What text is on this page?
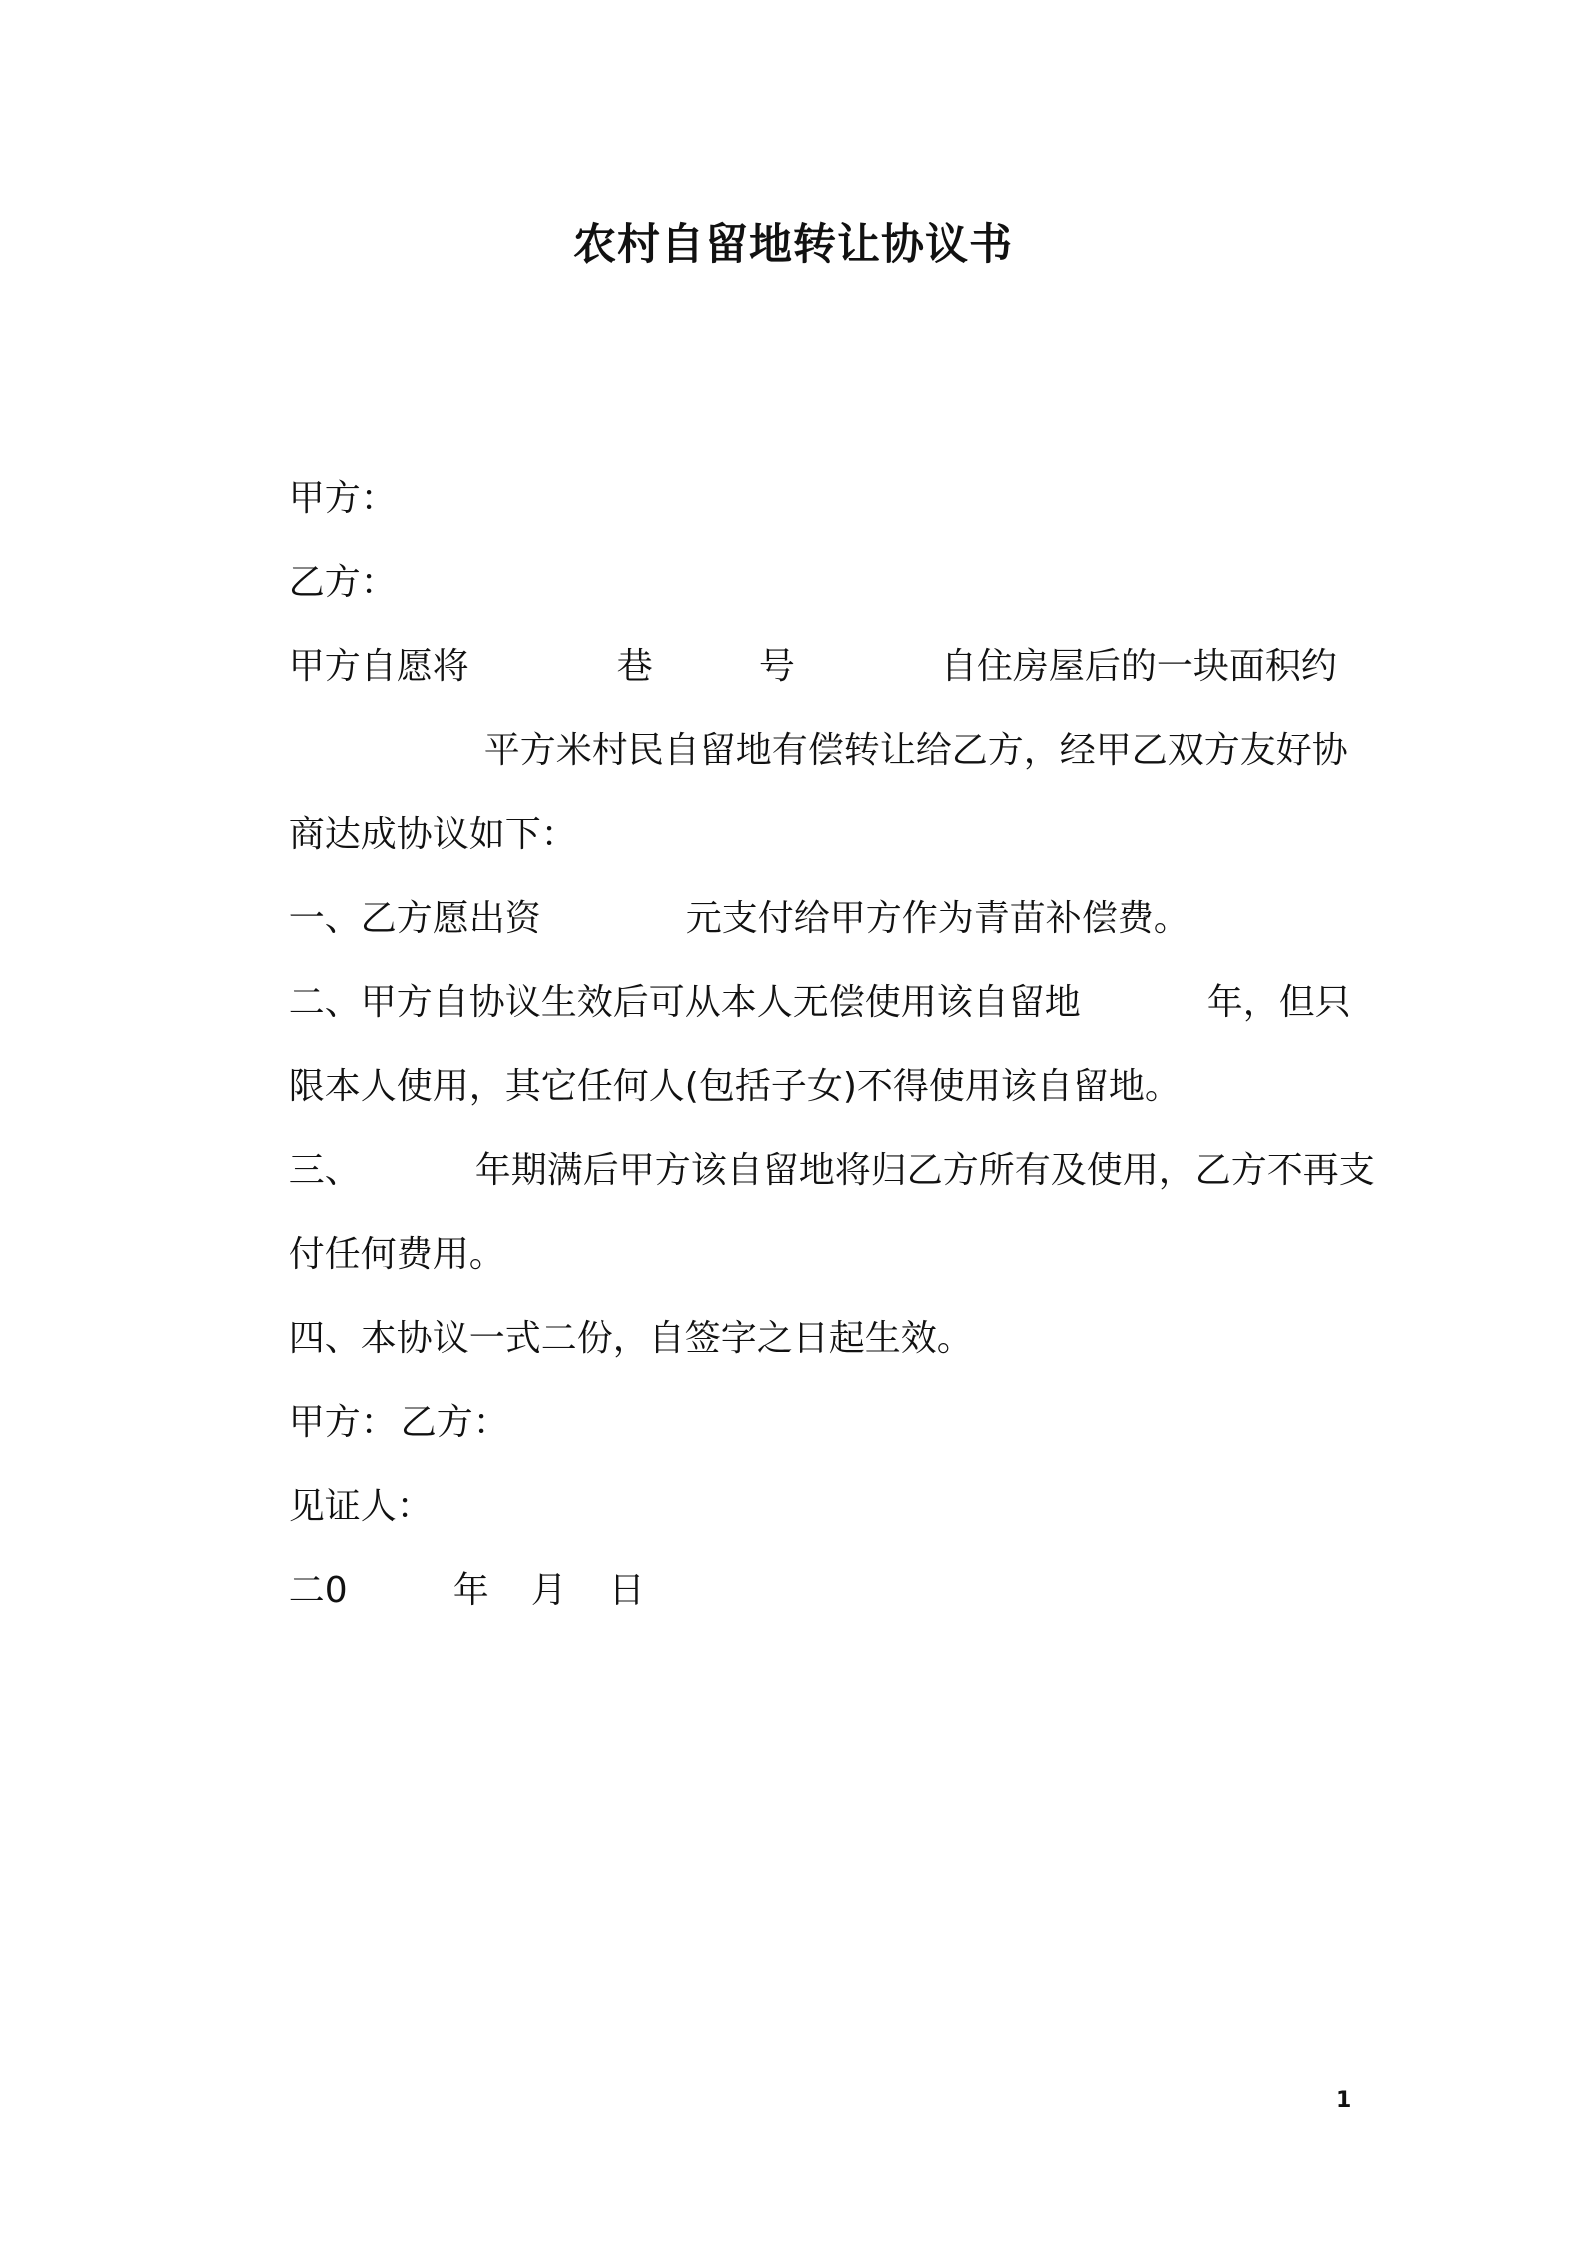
农村自留地转让协议书

甲方：

乙方：

甲方自愿将	巷	号	自住房屋后的一块面积约

平方米村民自留地有偿转让给乙方，经甲乙双方友好协

商达成协议如下：

一、乙方愿出资	元支付给甲方作为青苗补偿费。

二、甲方自协议生效后可从本人无偿使用该自留地	年，但只

限本人使用，其它任何人(包括子女)不得使用该自留地。

三、	年期满后甲方该自留地将归乙方所有及使用，乙方不再支

付任何费用。

四、本协议一式二份，自签字之日起生效。

甲方： 乙方：

见证人：

二0	年 月 日

1
